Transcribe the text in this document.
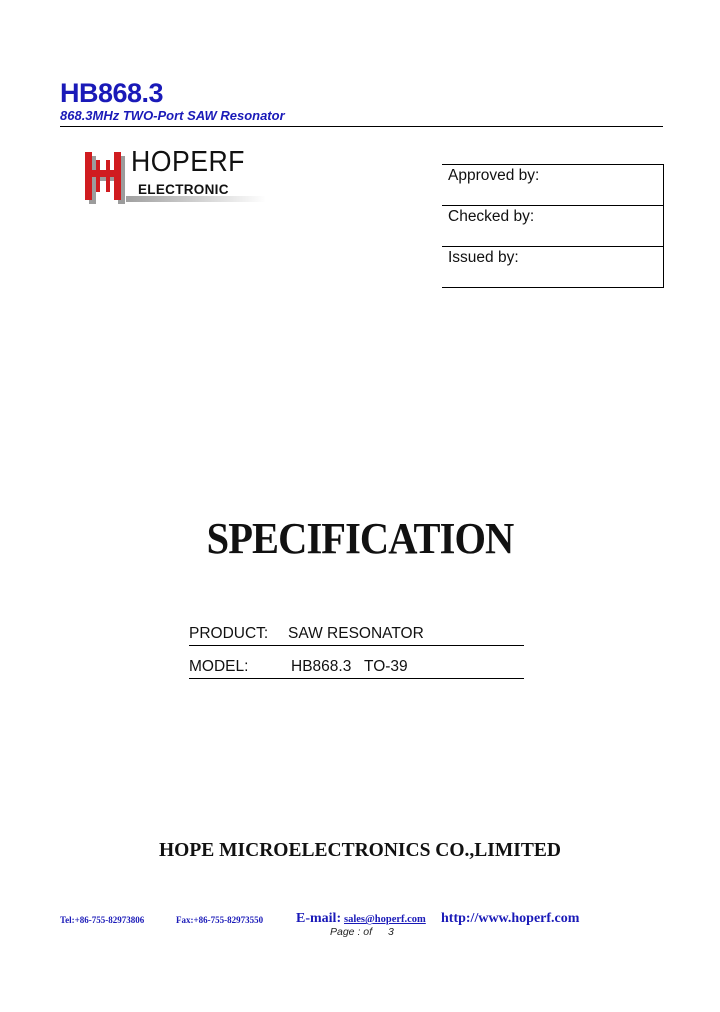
HB868.3
868.3MHz TWO-Port SAW Resonator
HOPERF
ELECTRONIC
Approved by:
Checked by:
Issued by:
SPECIFICATION
PRODUCT: SAW RESONATOR
MODEL:	HB868.3 TO-39
HOPE MICROELECTRONICS CO.,LIMITED
Tel:+86-755-82973806	Fax:+86-755-82973550 E-mail: sales@hoperf.com http://www.hoperf.com
Page : of 3
